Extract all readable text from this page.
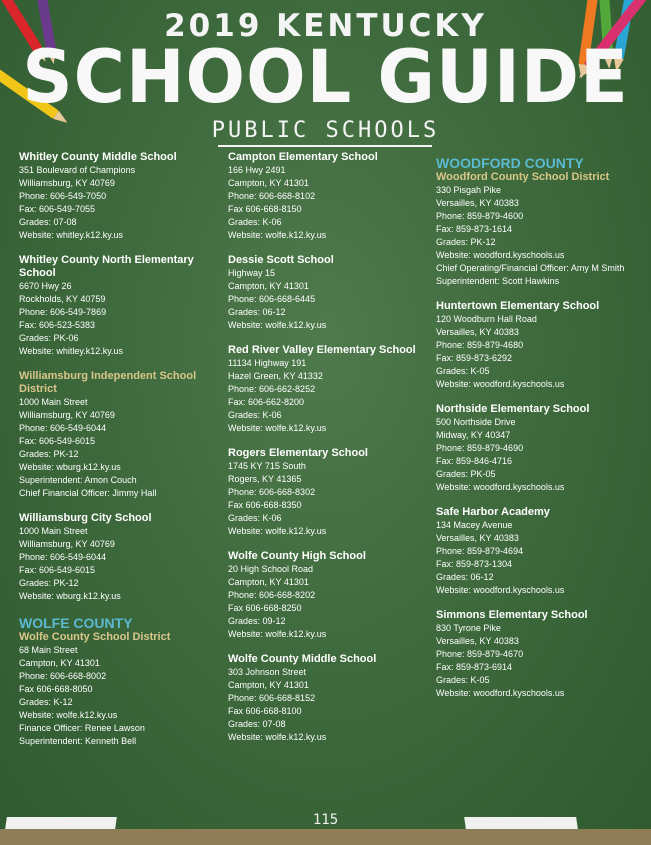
2019 KENTUCKY
SCHOOL GUIDE
PUBLIC SCHOOLS
Whitley County Middle School
351 Boulevard of Champions
Williamsburg, KY 40769
Phone: 606-549-7050
Fax: 606-549-7055
Grades: 07-08
Website: whitley.k12.ky.us
Whitley County North Elementary School
6670 Hwy 26
Rockholds, KY 40759
Phone: 606-549-7869
Fax: 606-523-5383
Grades: PK-06
Website: whitley.k12.ky.us
Williamsburg Independent School District
1000 Main Street
Williamsburg, KY 40769
Phone: 606-549-6044
Fax: 606-549-6015
Grades: PK-12
Website: wburg.k12.ky.us
Superintendent: Amon Couch
Chief Financial Officer: Jimmy Hall
Williamsburg City School
1000 Main Street
Williamsburg, KY 40769
Phone: 606-549-6044
Fax: 606-549-6015
Grades: PK-12
Website: wburg.k12.ky.us
WOLFE COUNTY
Wolfe County School District
68 Main Street
Campton, KY 41301
Phone: 606-668-8002
Fax 606-668-8050
Grades: K-12
Website: wolfe.k12.ky.us
Finance Officer: Renee Lawson
Superintendent: Kenneth Bell
Campton Elementary School
166 Hwy 2491
Campton, KY 41301
Phone: 606-668-8102
Fax 606-668-8150
Grades: K-06
Website: wolfe.k12.ky.us
Dessie Scott School
Highway 15
Campton, KY 41301
Phone: 606-668-6445
Grades: 06-12
Website: wolfe.k12.ky.us
Red River Valley Elementary School
11134 Highway 191
Hazel Green, KY 41332
Phone: 606-662-8252
Fax: 606-662-8200
Grades: K-06
Website: wolfe.k12.ky.us
Rogers Elementary School
1745 KY 715 South
Rogers, KY 41365
Phone: 606-668-8302
Fax 606-668-8350
Grades: K-06
Website: wolfe.k12.ky.us
Wolfe County High School
20 High School Road
Campton, KY 41301
Phone: 606-668-8202
Fax 606-668-8250
Grades: 09-12
Website: wolfe.k12.ky.us
Wolfe County Middle School
303 Johnson Street
Campton, KY 41301
Phone: 606-668-8152
Fax 606-668-8100
Grades: 07-08
Website: wolfe.k12.ky.us
WOODFORD COUNTY
Woodford County School District
330 Pisgah Pike
Versailles, KY 40383
Phone: 859-879-4600
Fax: 859-873-1614
Grades: PK-12
Website: woodford.kyschools.us
Chief Operating/Financial Officer: Amy M Smith
Superintendent: Scott Hawkins
Huntertown Elementary School
120 Woodburn Hall Road
Versailles, KY 40383
Phone: 859-879-4680
Fax: 859-873-6292
Grades: K-05
Website: woodford.kyschools.us
Northside Elementary School
500 Northside Drive
Midway, KY 40347
Phone: 859-879-4690
Fax: 859-846-4716
Grades: PK-05
Website: woodford.kyschools.us
Safe Harbor Academy
134 Macey Avenue
Versailles, KY 40383
Phone: 859-879-4694
Fax: 859-873-1304
Grades: 06-12
Website: woodford.kyschools.us
Simmons Elementary School
830 Tyrone Pike
Versailles, KY 40383
Phone: 859-879-4670
Fax: 859-873-6914
Grades: K-05
Website: woodford.kyschools.us
115
